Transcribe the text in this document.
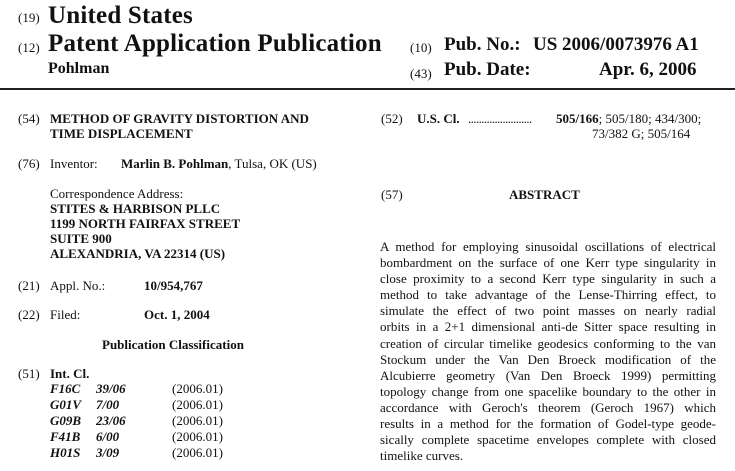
(19) United States
(12) Patent Application Publication
Pohlman
(10) Pub. No.: US 2006/0073976 A1
(43) Pub. Date:	Apr. 6, 2006
(54) METHOD OF GRAVITY DISTORTION AND
TIME DISPLACEMENT
(76) Inventor: Marlin B. Pohlman, Tulsa, OK (US)
Correspondence Address:
STITES & HARBISON PLLC
1199 NORTH FAIRFAX STREET
SUITE 900
ALEXANDRIA, VA 22314 (US)
(21) Appl. No.:	10/954,767
(22) Filed:	Oct. 1, 2004
Publication Classification
(51) Int. Cl.
F16C 39/06	(2006.01)
G01V 7/00	(2006.01)
G09B 23/06	(2006.01)
F41B 6/00	(2006.01)
H01S 3/09	(2006.01)
(52) U.S. Cl. ........................ 505/166; 505/180; 434/300;
73/382 G; 505/164
(57)	ABSTRACT
A method for employing sinusoidal oscillations of electrical
bombardment on the surface of one Kerr type singularity in
close proximity to a second Kerr type singularity in such a
method to take advantage of the Lense-Thirring effect, to
simulate the effect of two point masses on nearly radial
orbits in a 2+1 dimensional anti-de Sitter space resulting in
creation of circular timelike geodesics conforming to the van
Stockum under the Van Den Broeck modification of the
Alcubierre geometry (Van Den Broeck 1999) permitting
topology change from one spacelike boundary to the other in
accordance with Geroch's theorem (Geroch 1967) which
results in a method for the formation of Godel-type geode-
sically complete spacetime envelopes complete with closed
timelike curves.
